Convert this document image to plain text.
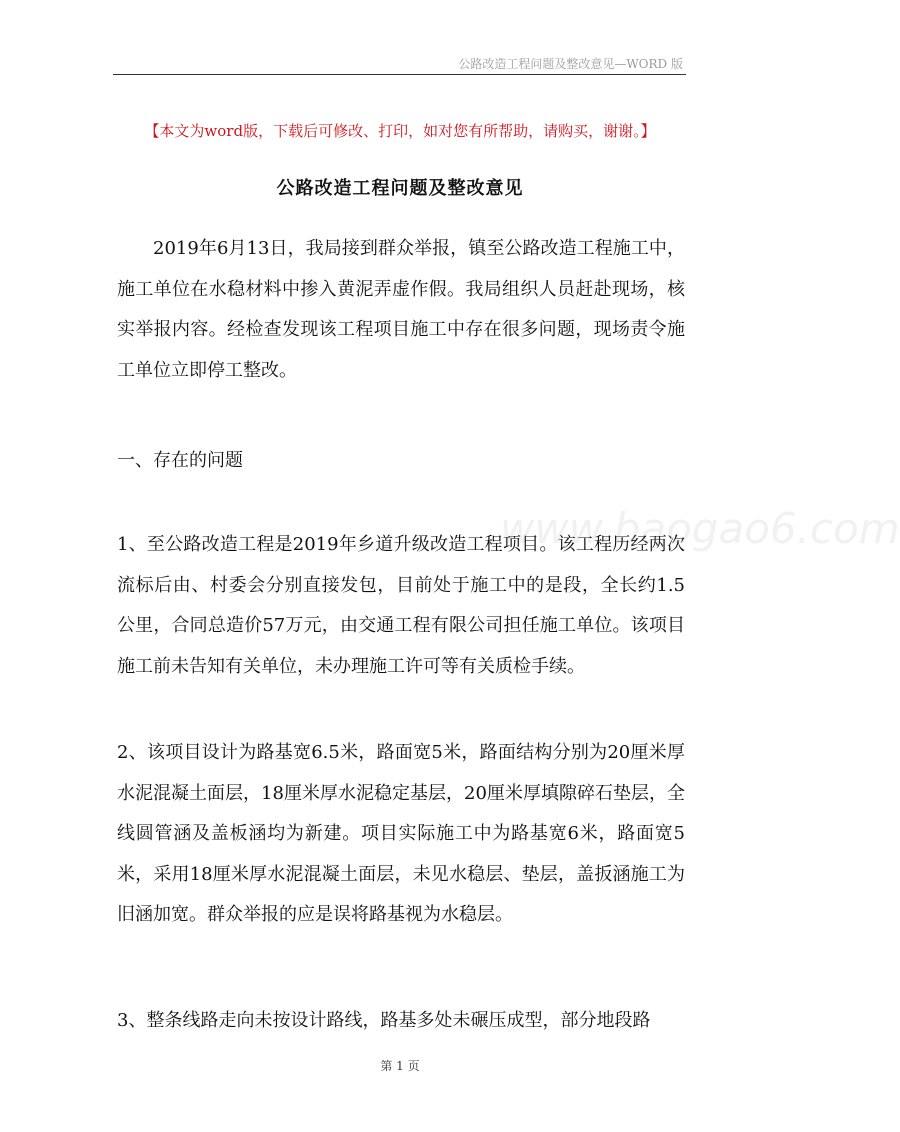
公路改造工程问题及整改意见—WORD 版
【本文为word版，下载后可修改、打印，如对您有所帮助，请购买，谢谢。】
公路改造工程问题及整改意见
2019年6月13日，我局接到群众举报，镇至公路改造工程施工中，施工单位在水稳材料中掺入黄泥弄虚作假。我局组织人员赶赴现场，核实举报内容。经检查发现该工程项目施工中存在很多问题，现场责令施工单位立即停工整改。
一、存在的问题
1、至公路改造工程是2019年乡道升级改造工程项目。该工程历经两次流标后由、村委会分别直接发包，目前处于施工中的是段，全长约1.5公里，合同总造价57万元，由交通工程有限公司担任施工单位。该项目施工前未告知有关单位，未办理施工许可等有关质检手续。
2、该项目设计为路基宽6.5米，路面宽5米，路面结构分别为20厘米厚水泥混凝土面层，18厘米厚水泥稳定基层，20厘米厚填隙碎石垫层，全线圆管涵及盖板涵均为新建。项目实际施工中为路基宽6米，路面宽5米，采用18厘米厚水泥混凝土面层，未见水稳层、垫层，盖扳涵施工为旧涵加宽。群众举报的应是误将路基视为水稳层。
3、整条线路走向未按设计路线，路基多处未碾压成型，部分地段路
www.baogao6.com
第 1 页
